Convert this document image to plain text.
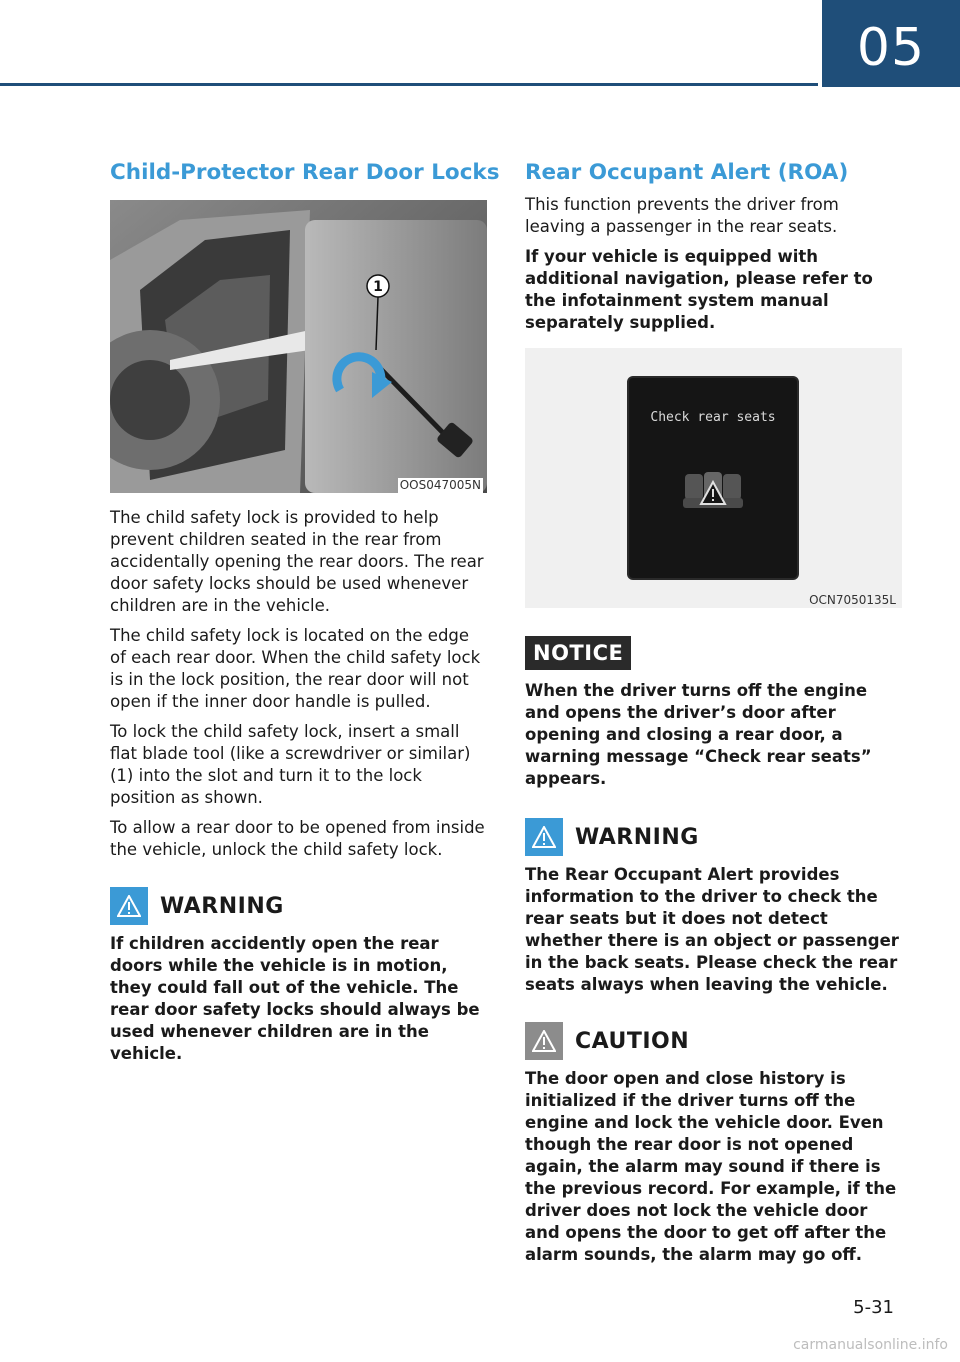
05
Child-Protector Rear Door Locks
1
OOS047005N

The child safety lock is provided to help prevent children seated in the rear from accidentally opening the rear doors. The rear door safety locks should be used whenever children are in the vehicle.

The child safety lock is located on the edge of each rear door. When the child safety lock is in the lock position, the rear door will not open if the inner door handle is pulled.

To lock the child safety lock, insert a small flat blade tool (like a screwdriver or similar) (1) into the slot and turn it to the lock position as shown.

To allow a rear door to be opened from inside the vehicle, unlock the child safety lock.

WARNING

If children accidently open the rear doors while the vehicle is in motion, they could fall out of the vehicle. The rear door safety locks should always be used whenever children are in the vehicle.

Rear Occupant Alert (ROA)

This function prevents the driver from leaving a passenger in the rear seats.

If your vehicle is equipped with additional navigation, please refer to the infotainment system manual separately supplied.

Check rear seats
OCN7050135L
NOTICE

When the driver turns off the engine and opens the driver’s door after opening and closing a rear door, a warning message “Check rear seats” appears.

WARNING

The Rear Occupant Alert provides information to the driver to check the rear seats but it does not detect whether there is an object or passenger in the back seats. Please check the rear seats always when leaving the vehicle.

CAUTION

The door open and close history is initialized if the driver turns off the engine and lock the vehicle door. Even though the rear door is not opened again, the alarm may sound if there is the previous record. For example, if the driver does not lock the vehicle door and opens the door to get off after the alarm sounds, the alarm may go off.

5-31
carmanualsonline.info
